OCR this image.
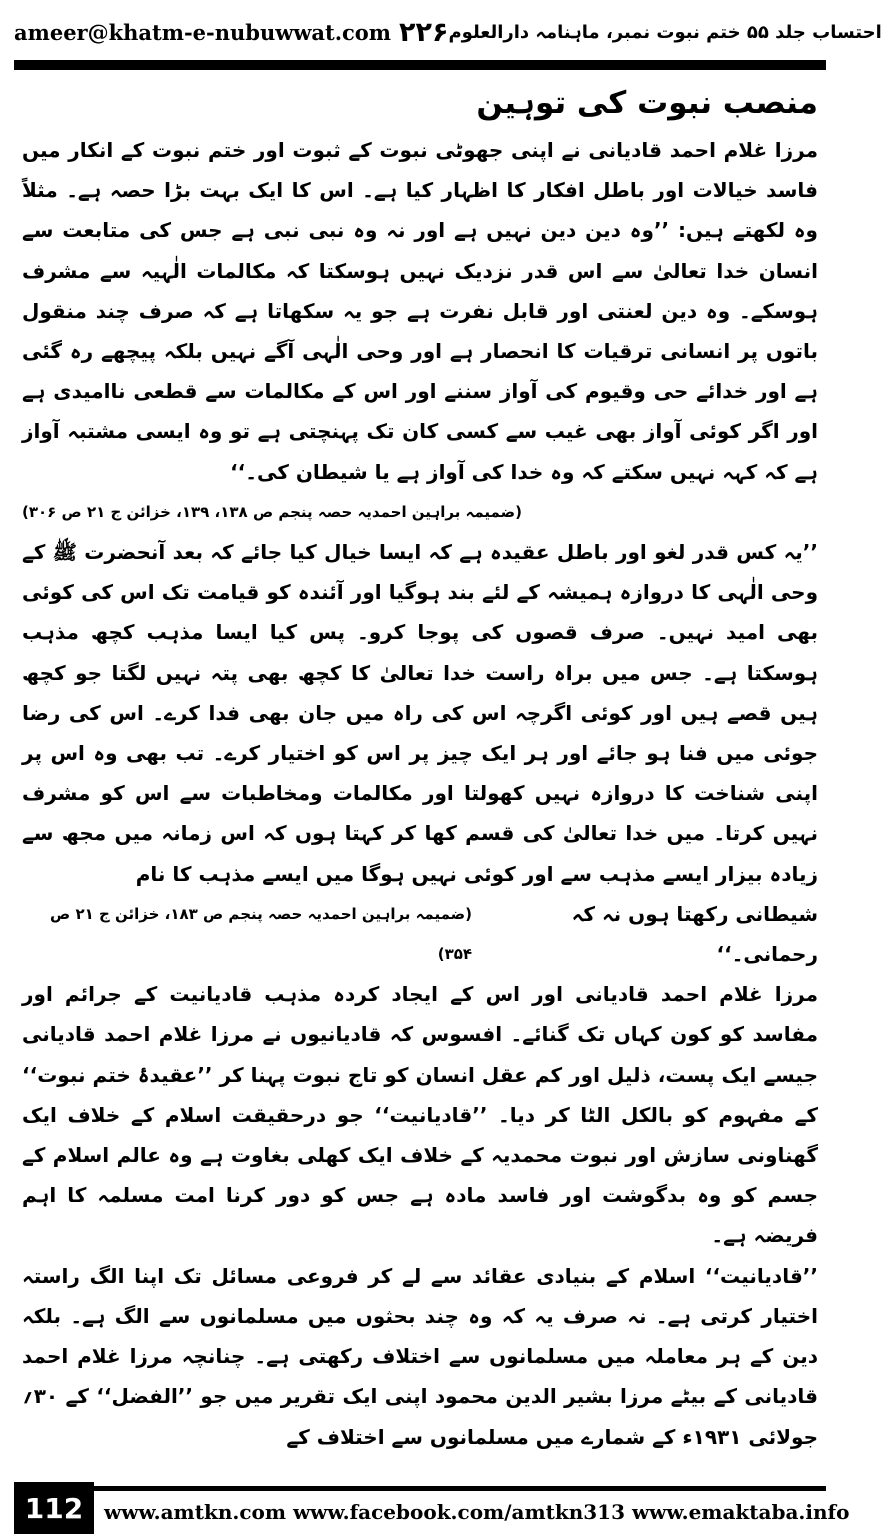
ameer@khatm-e-nubuwwat.com ۲۲۶ احتساب جلد ۵۵ ختم نبوت نمبر، ماہنامہ دارالعلوم
منصب نبوت کی توہین

مرزا غلام احمد قادیانی نے اپنی جھوٹی نبوت کے ثبوت اور ختم نبوت کے انکار میں فاسد خیالات اور باطل افکار کا اظہار کیا ہے۔ اس کا ایک بہت بڑا حصہ ہے۔ مثلاً وہ لکھتے ہیں: ’’وہ دین دین نہیں ہے اور نہ وہ نبی نبی ہے جس کی متابعت سے انسان خدا تعالیٰ سے اس قدر نزدیک نہیں ہوسکتا کہ مکالمات الٰہیہ سے مشرف ہوسکے۔ وہ دین لعنتی اور قابل نفرت ہے جو یہ سکھاتا ہے کہ صرف چند منقول باتوں پر انسانی ترقیات کا انحصار ہے اور وحی الٰہی آگے نہیں بلکہ پیچھے رہ گئی ہے اور خدائے حی وقیوم کی آواز سننے اور اس کے مکالمات سے قطعی ناامیدی ہے اور اگر کوئی آواز بھی غیب سے کسی کان تک پہنچتی ہے تو وہ ایسی مشتبہ آواز ہے کہ کہہ نہیں سکتے کہ وہ خدا کی آواز ہے یا شیطان کی۔‘‘

(ضمیمہ براہین احمدیہ حصہ پنجم ص ۱۳۸، ۱۳۹، خزائن ج ۲۱ ص ۳۰۶)

’’یہ کس قدر لغو اور باطل عقیدہ ہے کہ ایسا خیال کیا جائے کہ بعد آنحضرت ﷺ کے وحی الٰہی کا دروازہ ہمیشہ کے لئے بند ہوگیا اور آئندہ کو قیامت تک اس کی کوئی بھی امید نہیں۔ صرف قصوں کی پوجا کرو۔ پس کیا ایسا مذہب کچھ مذہب ہوسکتا ہے۔ جس میں براہ راست خدا تعالیٰ کا کچھ بھی پتہ نہیں لگتا جو کچھ ہیں قصے ہیں اور کوئی اگرچہ اس کی راہ میں جان بھی فدا کرے۔ اس کی رضا جوئی میں فنا ہو جائے اور ہر ایک چیز پر اس کو اختیار کرے۔ تب بھی وہ اس پر اپنی شناخت کا دروازہ نہیں کھولتا اور مکالمات ومخاطبات سے اس کو مشرف نہیں کرتا۔ میں خدا تعالیٰ کی قسم کھا کر کہتا ہوں کہ اس زمانہ میں مجھ سے زیادہ بیزار ایسے مذہب سے اور کوئی نہیں ہوگا میں ایسے مذہب کا نام

شیطانی رکھتا ہوں نہ کہ رحمانی۔‘‘
(ضمیمہ براہین احمدیہ حصہ پنجم ص ۱۸۳، خزائن ج ۲۱ ص ۳۵۴)

مرزا غلام احمد قادیانی اور اس کے ایجاد کردہ مذہب قادیانیت کے جرائم اور مفاسد کو کون کہاں تک گنائے۔ افسوس کہ قادیانیوں نے مرزا غلام احمد قادیانی جیسے ایک پست، ذلیل اور کم عقل انسان کو تاج نبوت پہنا کر ’’عقیدۂ ختم نبوت‘‘ کے مفہوم کو بالکل الٹا کر دیا۔ ’’قادیانیت‘‘ جو درحقیقت اسلام کے خلاف ایک گھناونی سازش اور نبوت محمدیہ کے خلاف ایک کھلی بغاوت ہے وہ عالم اسلام کے جسم کو وہ بدگوشت اور فاسد مادہ ہے جس کو دور کرنا امت مسلمہ کا اہم فریضہ ہے۔

’’قادیانیت‘‘ اسلام کے بنیادی عقائد سے لے کر فروعی مسائل تک اپنا الگ راستہ اختیار کرتی ہے۔ نہ صرف یہ کہ وہ چند بحثوں میں مسلمانوں سے الگ ہے۔ بلکہ دین کے ہر معاملہ میں مسلمانوں سے اختلاف رکھتی ہے۔ چنانچہ مرزا غلام احمد قادیانی کے بیٹے مرزا بشیر الدین محمود اپنی ایک تقریر میں جو ’’الفضل‘‘ کے ۳۰؍ جولائی ۱۹۳۱ء کے شمارے میں مسلمانوں سے اختلاف کے

112	www.amtkn.com www.facebook.com/amtkn313 www.emaktaba.info
